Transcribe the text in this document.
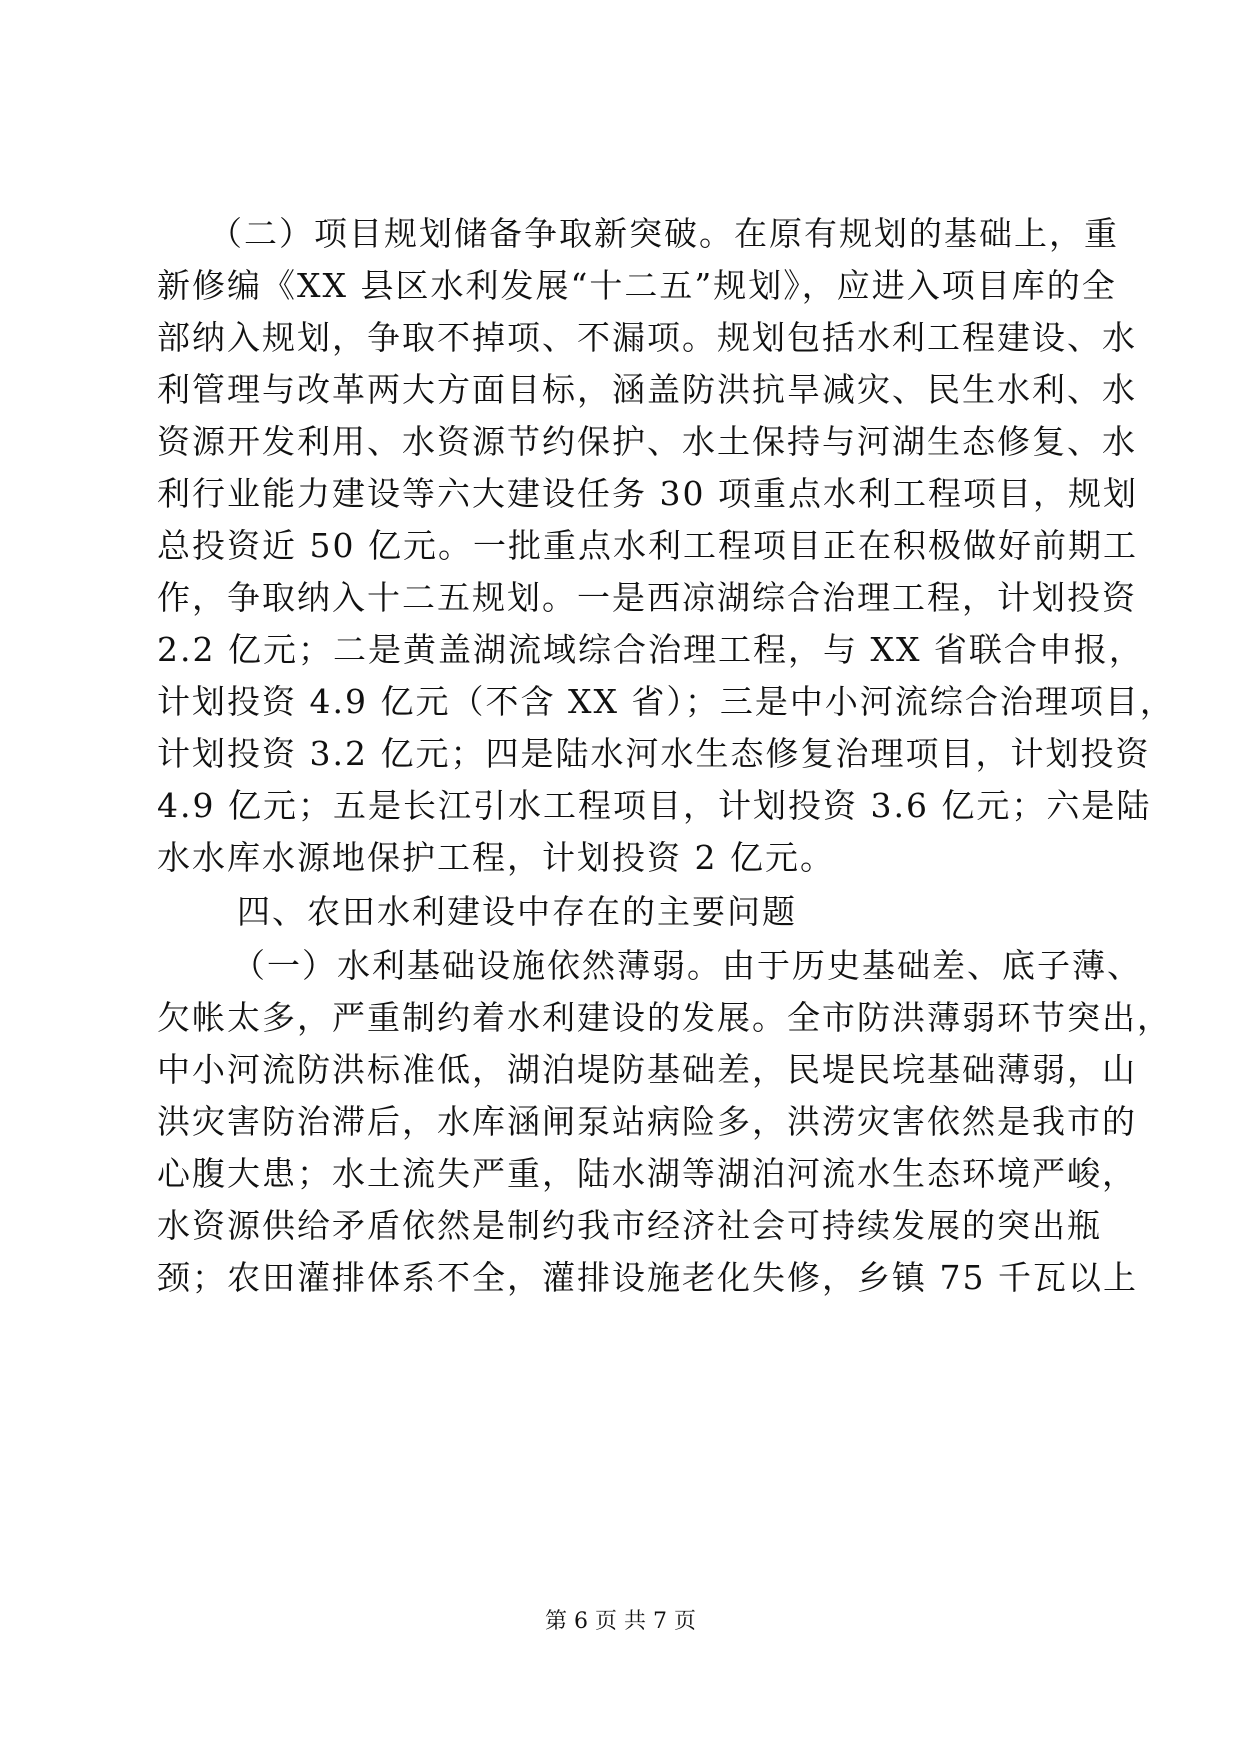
（二）项目规划储备争取新突破。在原有规划的基础上，重
新修编《XX 县区水利发展“十二五”规划》，应进入项目库的全
部纳入规划，争取不掉项、不漏项。规划包括水利工程建设、水
利管理与改革两大方面目标，涵盖防洪抗旱减灾、民生水利、水
资源开发利用、水资源节约保护、水土保持与河湖生态修复、水
利行业能力建设等六大建设任务 30 项重点水利工程项目，规划
总投资近 50 亿元。一批重点水利工程项目正在积极做好前期工
作，争取纳入十二五规划。一是西凉湖综合治理工程，计划投资
2.2 亿元；二是黄盖湖流域综合治理工程，与 XX 省联合申报，
计划投资 4.9 亿元（不含 XX 省）；三是中小河流综合治理项目，
计划投资 3.2 亿元；四是陆水河水生态修复治理项目，计划投资
4.9 亿元；五是长江引水工程项目，计划投资 3.6 亿元；六是陆
水水库水源地保护工程，计划投资 2 亿元。
四、农田水利建设中存在的主要问题
（一）水利基础设施依然薄弱。由于历史基础差、底子薄、
欠帐太多，严重制约着水利建设的发展。全市防洪薄弱环节突出，
中小河流防洪标准低，湖泊堤防基础差，民堤民垸基础薄弱，山
洪灾害防治滞后，水库涵闸泵站病险多，洪涝灾害依然是我市的
心腹大患；水土流失严重，陆水湖等湖泊河流水生态环境严峻，
水资源供给矛盾依然是制约我市经济社会可持续发展的突出瓶
颈；农田灌排体系不全，灌排设施老化失修，乡镇 75 千瓦以上
第 6 页 共 7 页
